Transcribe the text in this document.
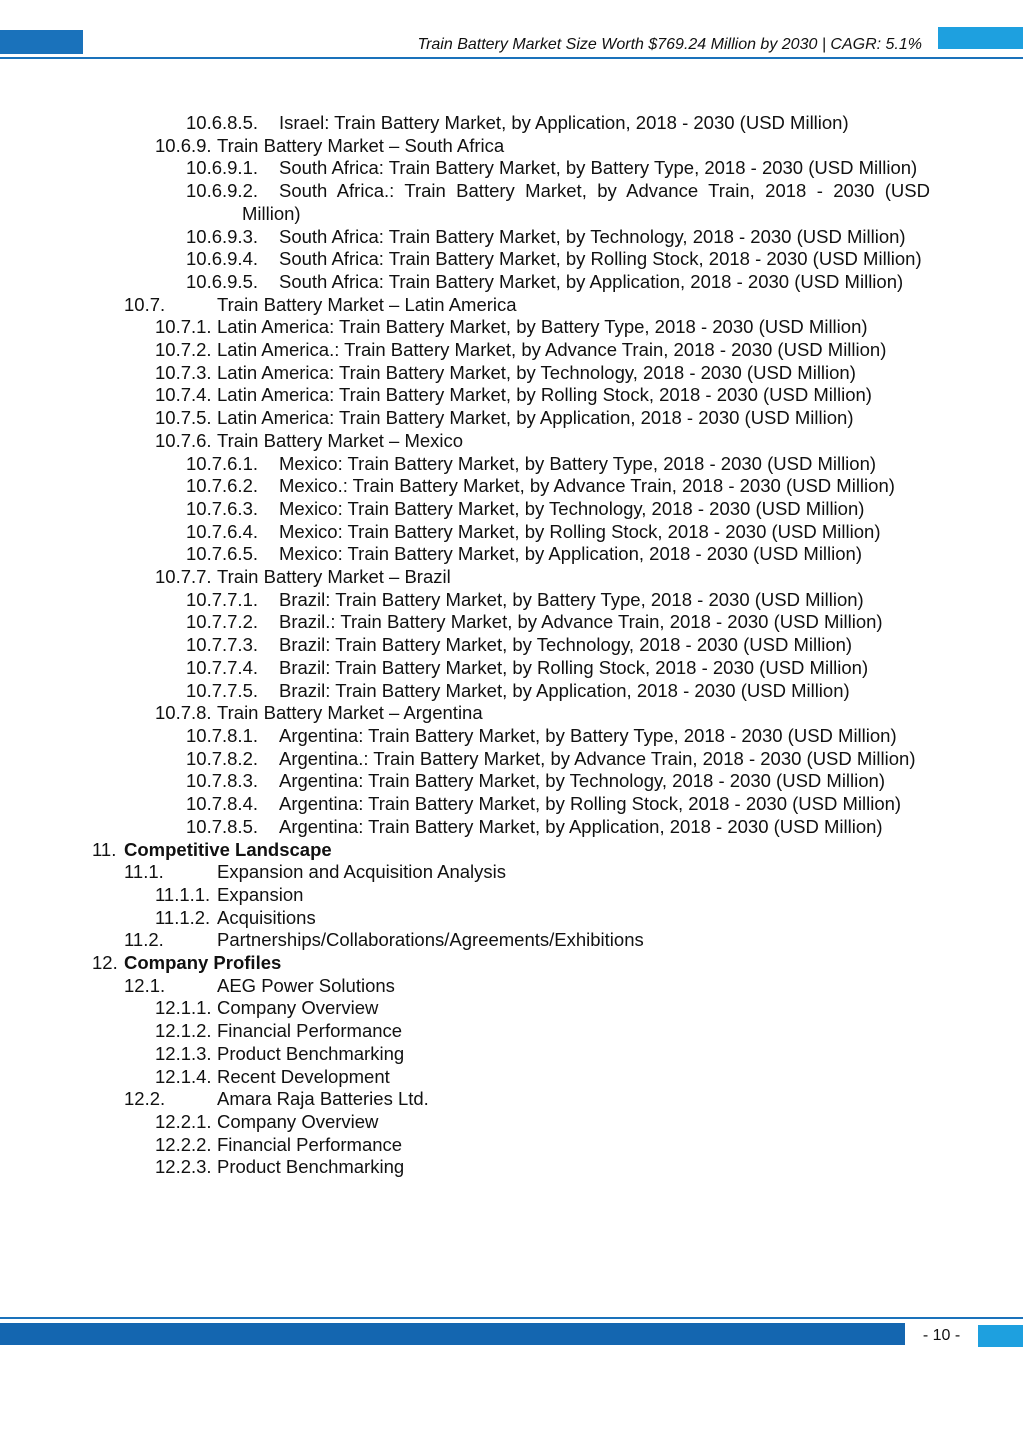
Train Battery Market Size Worth $769.24 Million by 2030 | CAGR: 5.1%
10.6.8.5.	Israel: Train Battery Market, by Application, 2018 - 2030 (USD Million)
10.6.9. Train Battery Market – South Africa
10.6.9.1.	South Africa: Train Battery Market, by Battery Type, 2018 - 2030 (USD Million)
10.6.9.2.	South Africa.: Train Battery Market, by Advance Train, 2018 - 2030 (USD Million)
10.6.9.3.	South Africa: Train Battery Market, by Technology, 2018 - 2030 (USD Million)
10.6.9.4.	South Africa: Train Battery Market, by Rolling Stock, 2018 - 2030 (USD Million)
10.6.9.5.	South Africa: Train Battery Market, by Application, 2018 - 2030 (USD Million)
10.7.	Train Battery Market – Latin America
10.7.1. Latin America: Train Battery Market, by Battery Type, 2018 - 2030 (USD Million)
10.7.2. Latin America.: Train Battery Market, by Advance Train, 2018 - 2030 (USD Million)
10.7.3. Latin America: Train Battery Market, by Technology, 2018 - 2030 (USD Million)
10.7.4. Latin America: Train Battery Market, by Rolling Stock, 2018 - 2030 (USD Million)
10.7.5. Latin America: Train Battery Market, by Application, 2018 - 2030 (USD Million)
10.7.6. Train Battery Market – Mexico
10.7.6.1.	Mexico: Train Battery Market, by Battery Type, 2018 - 2030 (USD Million)
10.7.6.2.	Mexico.: Train Battery Market, by Advance Train, 2018 - 2030 (USD Million)
10.7.6.3.	Mexico: Train Battery Market, by Technology, 2018 - 2030 (USD Million)
10.7.6.4.	Mexico: Train Battery Market, by Rolling Stock, 2018 - 2030 (USD Million)
10.7.6.5.	Mexico: Train Battery Market, by Application, 2018 - 2030 (USD Million)
10.7.7. Train Battery Market – Brazil
10.7.7.1.	Brazil: Train Battery Market, by Battery Type, 2018 - 2030 (USD Million)
10.7.7.2.	Brazil.: Train Battery Market, by Advance Train, 2018 - 2030 (USD Million)
10.7.7.3.	Brazil: Train Battery Market, by Technology, 2018 - 2030 (USD Million)
10.7.7.4.	Brazil: Train Battery Market, by Rolling Stock, 2018 - 2030 (USD Million)
10.7.7.5.	Brazil: Train Battery Market, by Application, 2018 - 2030 (USD Million)
10.7.8. Train Battery Market – Argentina
10.7.8.1.	Argentina: Train Battery Market, by Battery Type, 2018 - 2030 (USD Million)
10.7.8.2.	Argentina.: Train Battery Market, by Advance Train, 2018 - 2030 (USD Million)
10.7.8.3.	Argentina: Train Battery Market, by Technology, 2018 - 2030 (USD Million)
10.7.8.4.	Argentina: Train Battery Market, by Rolling Stock, 2018 - 2030 (USD Million)
10.7.8.5.	Argentina: Train Battery Market, by Application, 2018 - 2030 (USD Million)
11. Competitive Landscape
11.1.	Expansion and Acquisition Analysis
11.1.1. Expansion
11.1.2. Acquisitions
11.2.	Partnerships/Collaborations/Agreements/Exhibitions
12. Company Profiles
12.1.	AEG Power Solutions
12.1.1. Company Overview
12.1.2. Financial Performance
12.1.3. Product Benchmarking
12.1.4. Recent Development
12.2.	Amara Raja Batteries Ltd.
12.2.1. Company Overview
12.2.2. Financial Performance
12.2.3. Product Benchmarking
- 10 -
